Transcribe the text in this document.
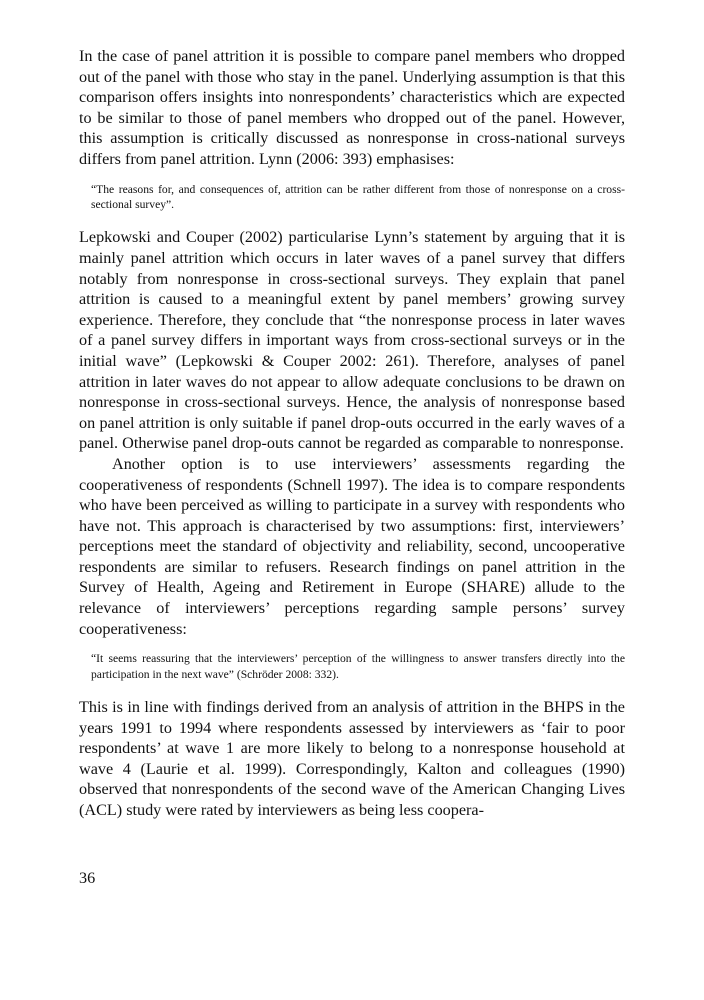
In the case of panel attrition it is possible to compare panel members who dropped out of the panel with those who stay in the panel. Underlying assumption is that this comparison offers insights into nonrespondents’ characteristics which are expected to be similar to those of panel members who dropped out of the panel. However, this assumption is critically discussed as nonresponse in cross-national surveys differs from panel attrition. Lynn (2006: 393) emphasises:

“The reasons for, and consequences of, attrition can be rather different from those of nonresponse on a cross-sectional survey”.

Lepkowski and Couper (2002) particularise Lynn’s statement by arguing that it is mainly panel attrition which occurs in later waves of a panel survey that differs notably from nonresponse in cross-sectional surveys. They explain that panel attrition is caused to a meaningful extent by panel members’ growing survey experience. Therefore, they conclude that “the nonresponse process in later waves of a panel survey differs in important ways from cross-sectional surveys or in the initial wave” (Lepkowski & Couper 2002: 261). Therefore, analyses of panel attrition in later waves do not appear to allow adequate conclusions to be drawn on nonresponse in cross-sectional surveys. Hence, the analysis of nonresponse based on panel attrition is only suitable if panel drop-outs occurred in the early waves of a panel. Otherwise panel drop-outs cannot be regarded as comparable to nonresponse.

Another option is to use interviewers’ assessments regarding the cooperativeness of respondents (Schnell 1997). The idea is to compare respondents who have been perceived as willing to participate in a survey with respondents who have not. This approach is characterised by two assumptions: first, interviewers’ perceptions meet the standard of objectivity and reliability, second, uncooperative respondents are similar to refusers. Research findings on panel attrition in the Survey of Health, Ageing and Retirement in Europe (SHARE) allude to the relevance of interviewers’ perceptions regarding sample persons’ survey cooperativeness:

“It seems reassuring that the interviewers’ perception of the willingness to answer transfers directly into the participation in the next wave” (Schröder 2008: 332).

This is in line with findings derived from an analysis of attrition in the BHPS in the years 1991 to 1994 where respondents assessed by interviewers as ‘fair to poor respondents’ at wave 1 are more likely to belong to a nonresponse household at wave 4 (Laurie et al. 1999). Correspondingly, Kalton and colleagues (1990) observed that nonrespondents of the second wave of the American Changing Lives (ACL) study were rated by interviewers as being less coopera-

36
